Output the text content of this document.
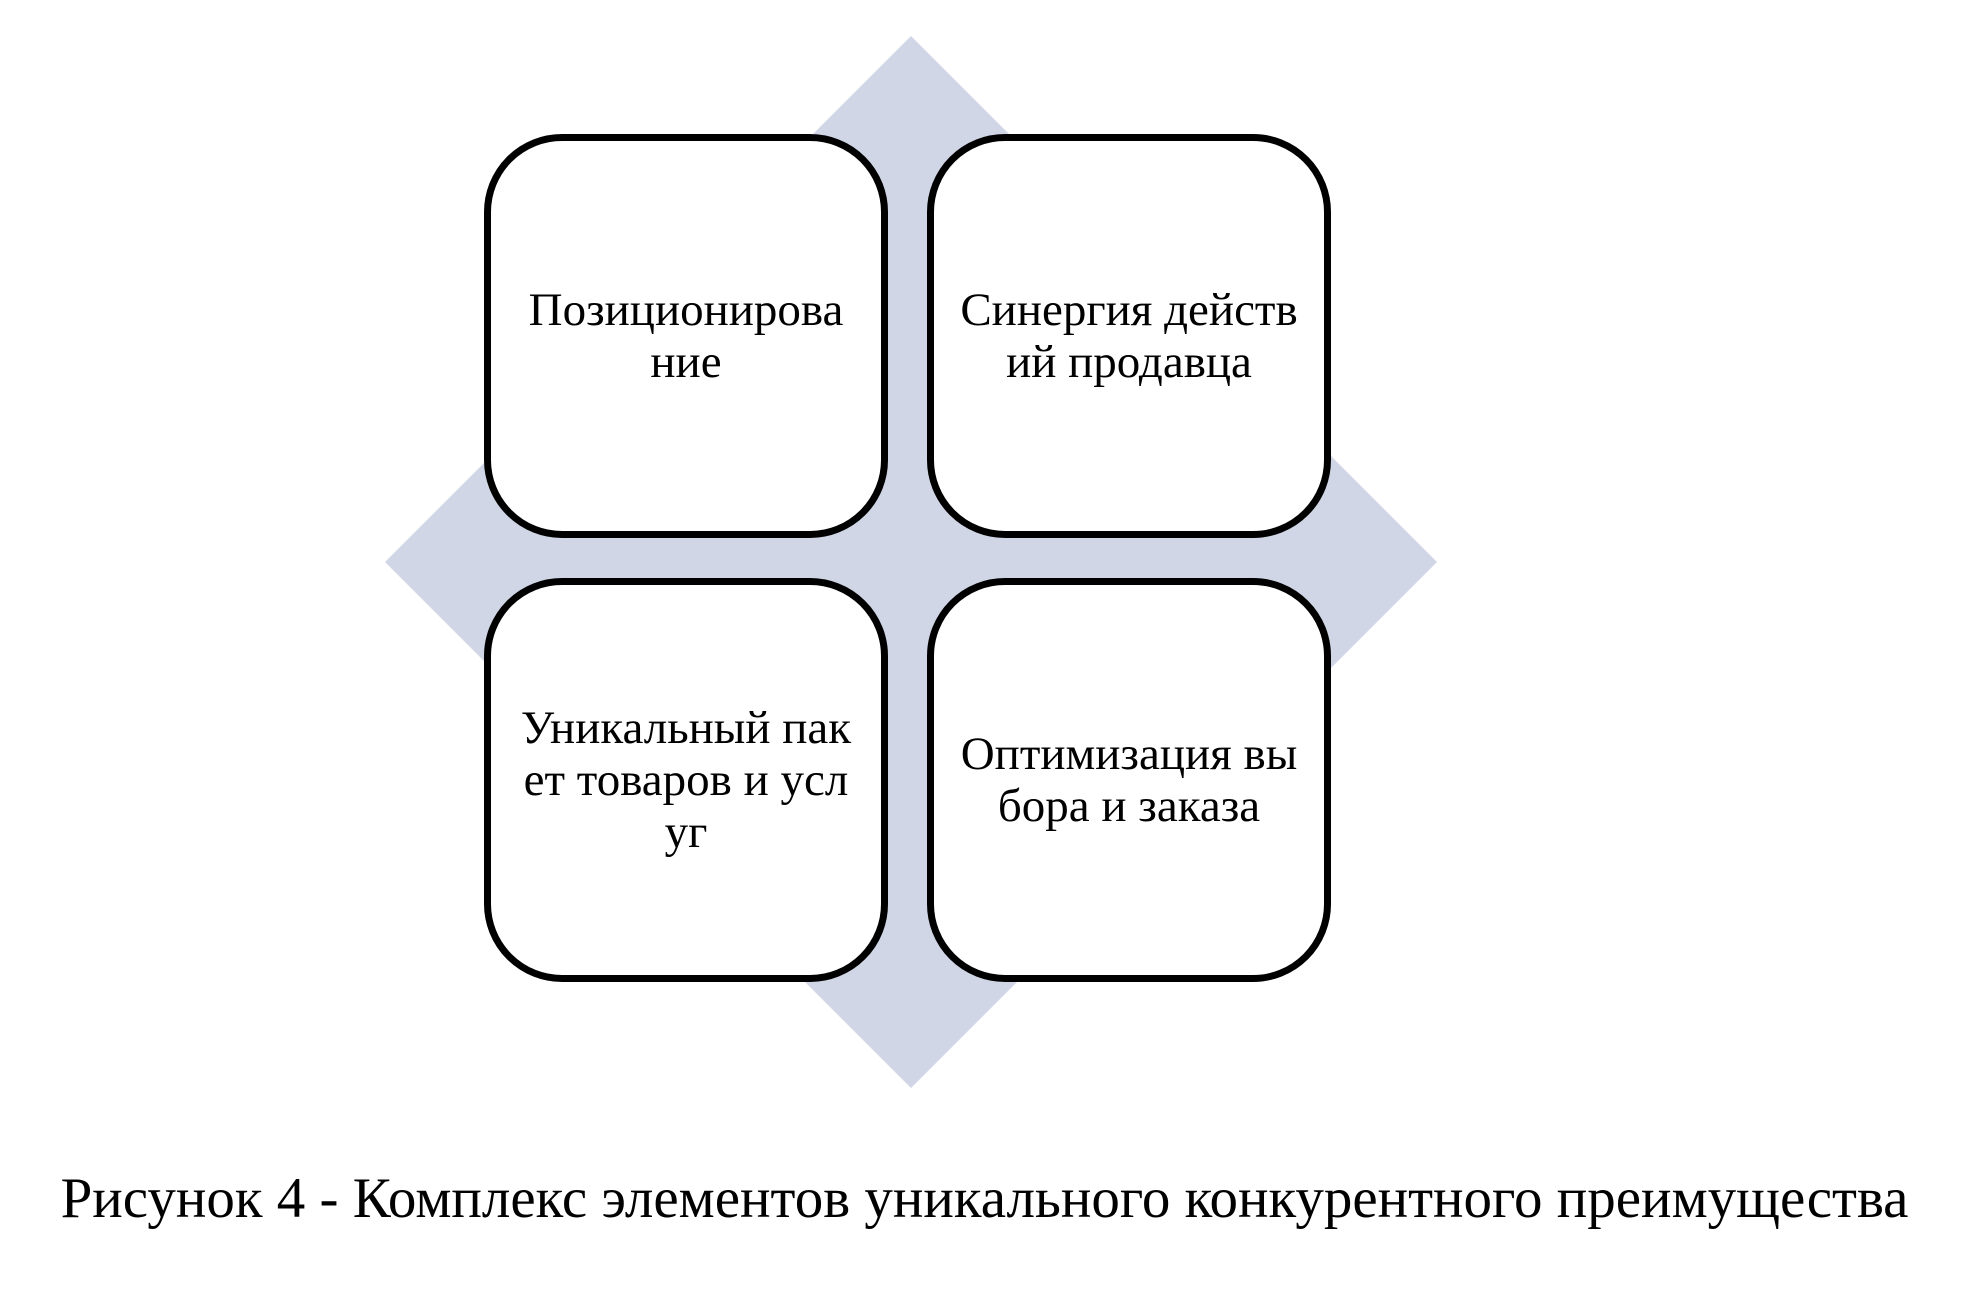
Позиционирова ние
Синергия действий продавца
Уникальный пакет товаров и услуг
Оптимизация выбора и заказа
Рисунок 4 - Комплекс элементов уникального конкурентного преимущества
